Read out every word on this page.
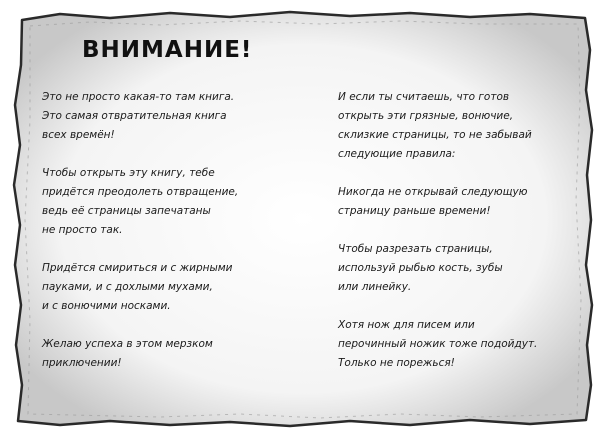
ВНИМАНИЕ!

Это не просто какая-то там книга.
Это самая отвратительная книга
всех времён!

Чтобы открыть эту книгу, тебе
придётся преодолеть отвращение,
ведь её страницы запечатаны
не просто так.

Придётся смириться и с жирными
пауками, и с дохлыми мухами,
и с вонючими носками.

Желаю успеха в этом мерзком
приключении!

И если ты считаешь, что готов
открыть эти грязные, вонючие,
склизкие страницы, то не забывай
следующие правила:

Никогда не открывай следующую
страницу раньше времени!

Чтобы разрезать страницы,
используй рыбью кость, зубы
или линейку.

Хотя нож для писем или
перочинный ножик тоже подойдут.
Только не порежься!
